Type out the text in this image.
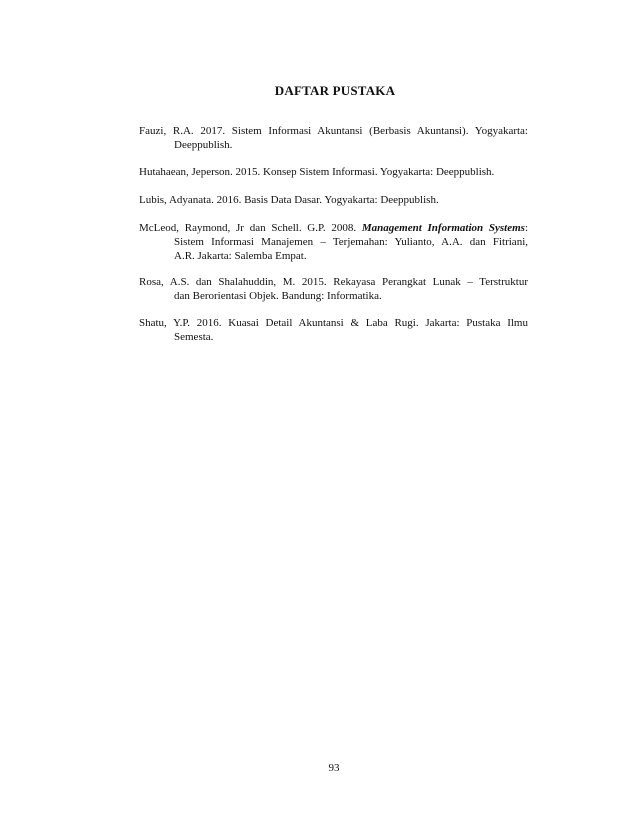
DAFTAR PUSTAKA
Fauzi, R.A. 2017. Sistem Informasi Akuntansi (Berbasis Akuntansi). Yogyakarta:
Deeppublish.
Hutahaean, Jeperson. 2015. Konsep Sistem Informasi. Yogyakarta: Deeppublish.
Lubis, Adyanata. 2016. Basis Data Dasar. Yogyakarta: Deeppublish.
McLeod, Raymond, Jr dan Schell. G.P. 2008. Management Information Systems:
Sistem Informasi Manajemen – Terjemahan: Yulianto, A.A. dan Fitriani,
A.R. Jakarta: Salemba Empat.
Rosa, A.S. dan Shalahuddin, M. 2015. Rekayasa Perangkat Lunak – Terstruktur
dan Berorientasi Objek. Bandung: Informatika.
Shatu, Y.P. 2016. Kuasai Detail Akuntansi & Laba Rugi. Jakarta: Pustaka Ilmu
Semesta.
93
